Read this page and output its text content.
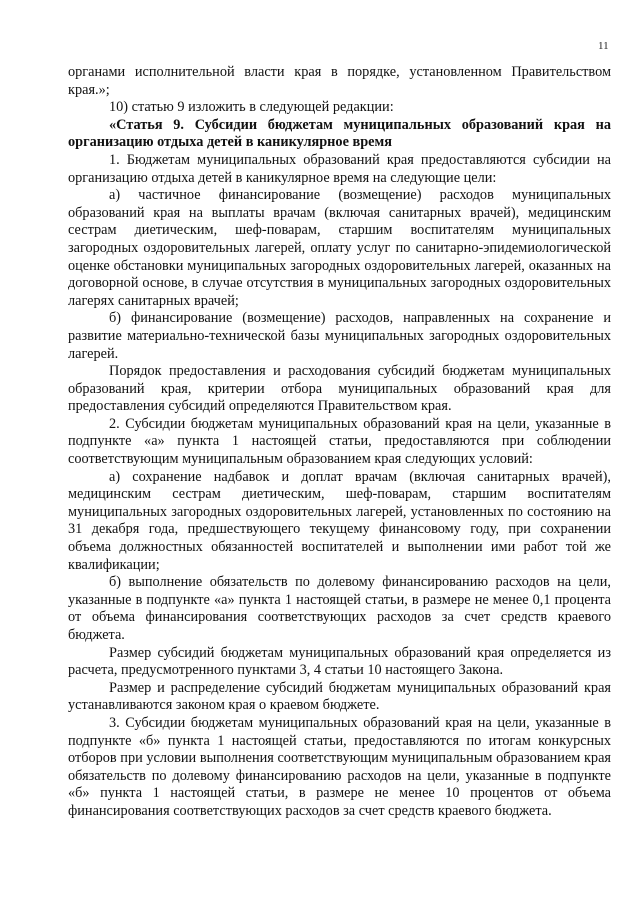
11

органами исполнительной власти края в порядке, установленном Правительством края.»;

10) статью 9 изложить в следующей редакции:

«Статья 9. Субсидии бюджетам муниципальных образований края на организацию отдыха детей в каникулярное время

1. Бюджетам муниципальных образований края предоставляются субсидии на организацию отдыха детей в каникулярное время на следующие цели:

а) частичное финансирование (возмещение) расходов муниципальных образований края на выплаты врачам (включая санитарных врачей), медицинским сестрам диетическим, шеф-поварам, старшим воспитателям муниципальных загородных оздоровительных лагерей, оплату услуг по санитарно-эпидемиологической оценке обстановки муниципальных загородных оздоровительных лагерей, оказанных на договорной основе, в случае отсутствия в муниципальных загородных оздоровительных лагерях санитарных врачей;

б) финансирование (возмещение) расходов, направленных на сохранение и развитие материально-технической базы муниципальных загородных оздоровительных лагерей.

Порядок предоставления и расходования субсидий бюджетам муниципальных образований края, критерии отбора муниципальных образований края для предоставления субсидий определяются Правительством края.

2. Субсидии бюджетам муниципальных образований края на цели, указанные в подпункте «а» пункта 1 настоящей статьи, предоставляются при соблюдении соответствующим муниципальным образованием края следующих условий:

а) сохранение надбавок и доплат врачам (включая санитарных врачей), медицинским сестрам диетическим, шеф-поварам, старшим воспитателям муниципальных загородных оздоровительных лагерей, установленных по состоянию на 31 декабря года, предшествующего текущему финансовому году, при сохранении объема должностных обязанностей воспитателей и выполнении ими работ той же квалификации;

б) выполнение обязательств по долевому финансированию расходов на цели, указанные в подпункте «а» пункта 1 настоящей статьи, в размере не менее 0,1 процента от объема финансирования соответствующих расходов за счет средств краевого бюджета.

Размер субсидий бюджетам муниципальных образований края определяется из расчета, предусмотренного пунктами 3, 4 статьи 10 настоящего Закона.

Размер и распределение субсидий бюджетам муниципальных образований края устанавливаются законом края о краевом бюджете.

3. Субсидии бюджетам муниципальных образований края на цели, указанные в подпункте «б» пункта 1 настоящей статьи, предоставляются по итогам конкурсных отборов при условии выполнения соответствующим муниципальным образованием края обязательств по долевому финансированию расходов на цели, указанные в подпункте «б» пункта 1 настоящей статьи, в размере не менее 10 процентов от объема финансирования соответствующих расходов за счет средств краевого бюджета.
